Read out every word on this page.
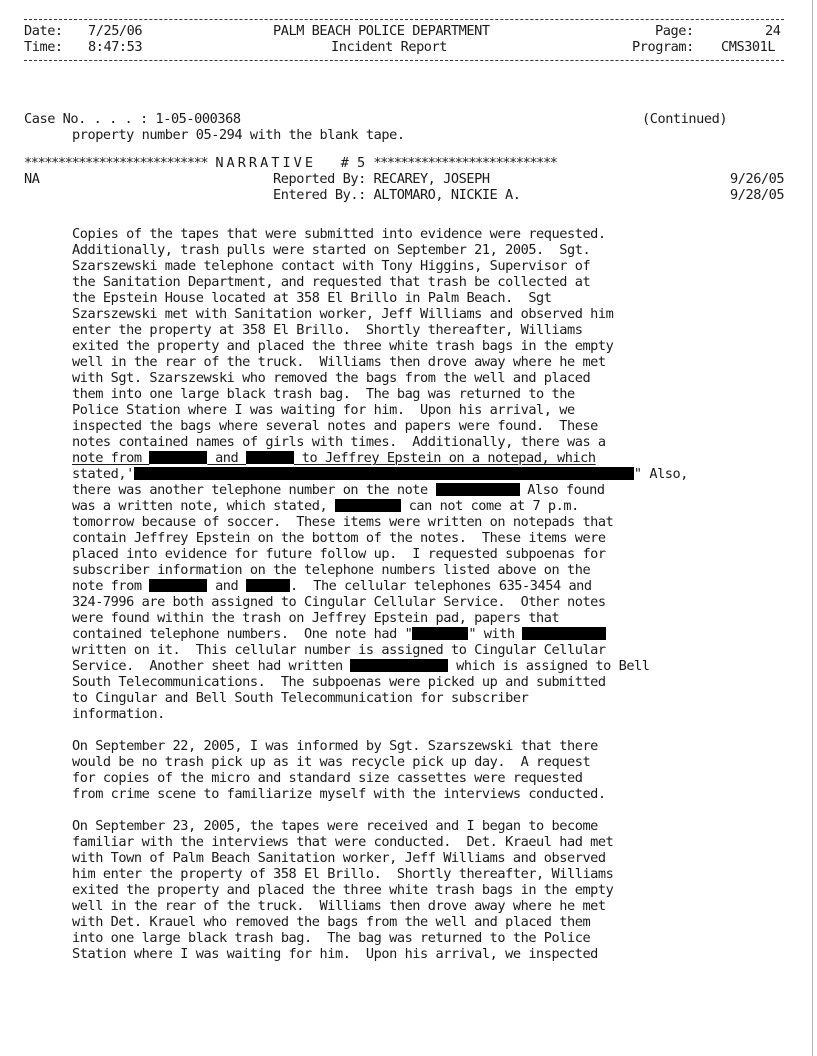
Date: 7/25/06	PALM BEACH POLICE DEPARTMENT	Page:	24
Time: 8:47:53	Incident Report	Program: CMS301L
Case No. . . . : 1-05-000368	(Continued)
property number 05-294 with the blank tape.
*************************** NARRATIVE # 5 ***************************
NA	Reported By: RECAREY, JOSEPH	9/26/05
Entered By.: ALTOMARO, NICKIE A.	9/28/05
Copies of the tapes that were submitted into evidence were requested.
Additionally, trash pulls were started on September 21, 2005.  Sgt.
Szarszewski made telephone contact with Tony Higgins, Supervisor of
the Sanitation Department, and requested that trash be collected at
the Epstein House located at 358 El Brillo in Palm Beach.  Sgt
Szarszewski met with Sanitation worker, Jeff Williams and observed him
enter the property at 358 El Brillo.  Shortly thereafter, Williams
exited the property and placed the three white trash bags in the empty
well in the rear of the truck.  Williams then drove away where he met
with Sgt. Szarszewski who removed the bags from the well and placed
them into one large black trash bag.  The bag was returned to the
Police Station where I was waiting for him.  Upon his arrival, we
inspected the bags where several notes and papers were found.  These
notes contained names of girls with times.  Additionally, there was a
note from	and	to Jeffrey Epstein on a notepad, which
stated,'	" Also,
there was another telephone number on the note	Also found
was a written note, which stated,	can not come at 7 p.m.
tomorrow because of soccer.  These items were written on notepads that
contain Jeffrey Epstein on the bottom of the notes.  These items were
placed into evidence for future follow up.  I requested subpoenas for
subscriber information on the telephone numbers listed above on the
note from	and	.  The cellular telephones 635-3454 and
324-7996 are both assigned to Cingular Cellular Service.  Other notes
were found within the trash on Jeffrey Epstein pad, papers that
contained telephone numbers.  One note had "	" with
written on it.  This cellular number is assigned to Cingular Cellular
Service.  Another sheet had written	which is assigned to Bell
South Telecommunications.  The subpoenas were picked up and submitted
to Cingular and Bell South Telecommunication for subscriber
information.
On September 22, 2005, I was informed by Sgt. Szarszewski that there
would be no trash pick up as it was recycle pick up day.  A request
for copies of the micro and standard size cassettes were requested
from crime scene to familiarize myself with the interviews conducted.
On September 23, 2005, the tapes were received and I began to become
familiar with the interviews that were conducted.  Det. Kraeul had met
with Town of Palm Beach Sanitation worker, Jeff Williams and observed
him enter the property of 358 El Brillo.  Shortly thereafter, Williams
exited the property and placed the three white trash bags in the empty
well in the rear of the truck.  Williams then drove away where he met
with Det. Krauel who removed the bags from the well and placed them
into one large black trash bag.  The bag was returned to the Police
Station where I was waiting for him.  Upon his arrival, we inspected
